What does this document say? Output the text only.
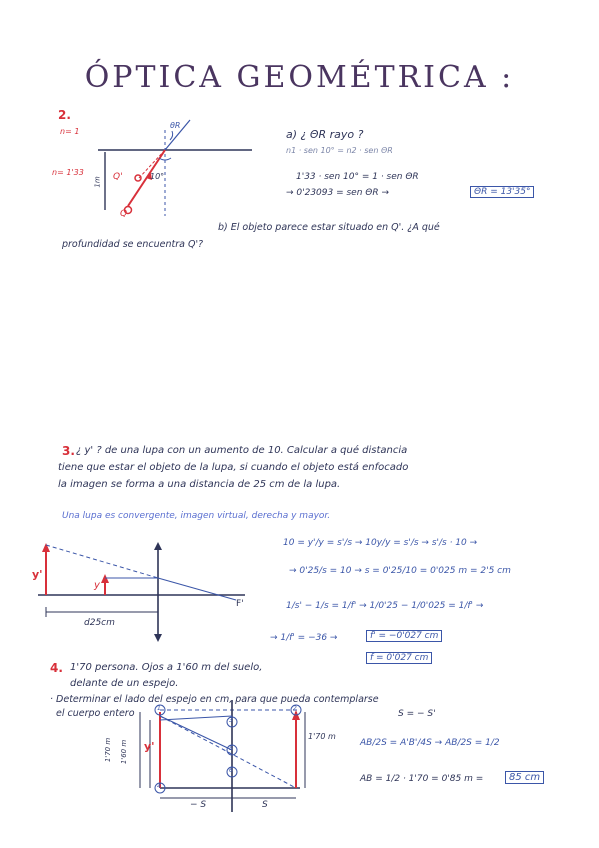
ÓPTICA GEOMÉTRICA :
2.
n= 1
n= 1'33
θR
10°
Q
Q'
1m
a) ¿ ΘR rayo ?
n1 · sen 10° = n2 · sen ΘR
1'33 · sen 10° = 1 · sen ΘR
→ 0'23093 = sen ΘR →	ΘR = 13'35°
b) El objeto parece estar situado en Q'. ¿A qué
profundidad se encuentra Q'?
3. ¿ y' ? de una lupa con un aumento de 10. Calcular a qué distancia
tiene que estar el objeto de la lupa, si cuando el objeto está enfocado
la imagen se forma a una distancia de 25 cm de la lupa.
Una lupa es convergente, imagen virtual, derecha y mayor.
y'
y
F'
d25cm
10 = y'/y = s'/s → 10y/y = s'/s → s'/s · 10 →
→ 0'25/s = 10 → s = 0'25/10 = 0'025 m = 2'5 cm
1/s' − 1/s = 1/f' → 1/0'25 − 1/0'025 = 1/f' →
→ 1/f' = −36 →	f' = −0'027 cm
f = 0'027 cm
4. 1'70 persona. Ojos a 1'60 m del suelo,
delante de un espejo.
· Determinar el lado del espejo en cm, para que pueda contemplarse
el cuerpo entero
1'70 m 1'60 m y'
1'70 m
− S	S
S = − S'
AB/2S = A'B'/4S → AB/2S = 1/2
AB = 1/2 · 1'70 = 0'85 m =	85 cm
1	2
3
4
5
6
